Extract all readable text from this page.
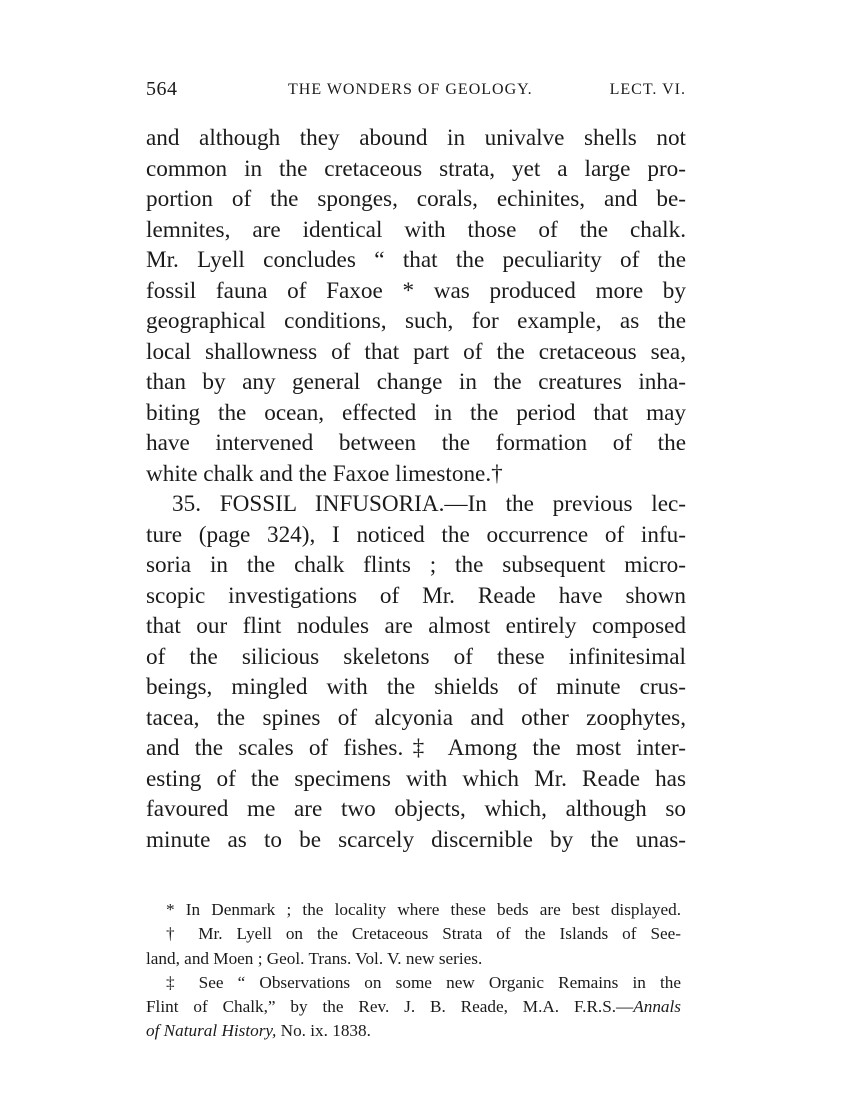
564	THE WONDERS OF GEOLOGY.	LECT. VI.
and although they abound in univalve shells not
common in the cretaceous strata, yet a large pro-
portion of the sponges, corals, echinites, and be-
lemnites, are identical with those of the chalk.
Mr. Lyell concludes “ that the peculiarity of the
fossil fauna of Faxoe * was produced more by
geographical conditions, such, for example, as the
local shallowness of that part of the cretaceous sea,
than by any general change in the creatures inha-
biting the ocean, effected in the period that may
have intervened between the formation of the
white chalk and the Faxoe limestone.†
35. FOSSIL INFUSORIA.—In the previous lec-
ture (page 324), I noticed the occurrence of infu-
soria in the chalk flints ; the subsequent micro-
scopic investigations of Mr. Reade have shown
that our flint nodules are almost entirely composed
of the silicious skeletons of these infinitesimal
beings, mingled with the shields of minute crus-
tacea, the spines of alcyonia and other zoophytes,
and the scales of fishes.‡ Among the most inter-
esting of the specimens with which Mr. Reade has
favoured me are two objects, which, although so
minute as to be scarcely discernible by the unas-
* In Denmark ; the locality where these beds are best displayed.
† Mr. Lyell on the Cretaceous Strata of the Islands of See-
land, and Moen ; Geol. Trans. Vol. V. new series.
‡ See “ Observations on some new Organic Remains in the
Flint of Chalk,” by the Rev. J. B. Reade, M.A. F.R.S.—Annals
of Natural History, No. ix. 1838.
